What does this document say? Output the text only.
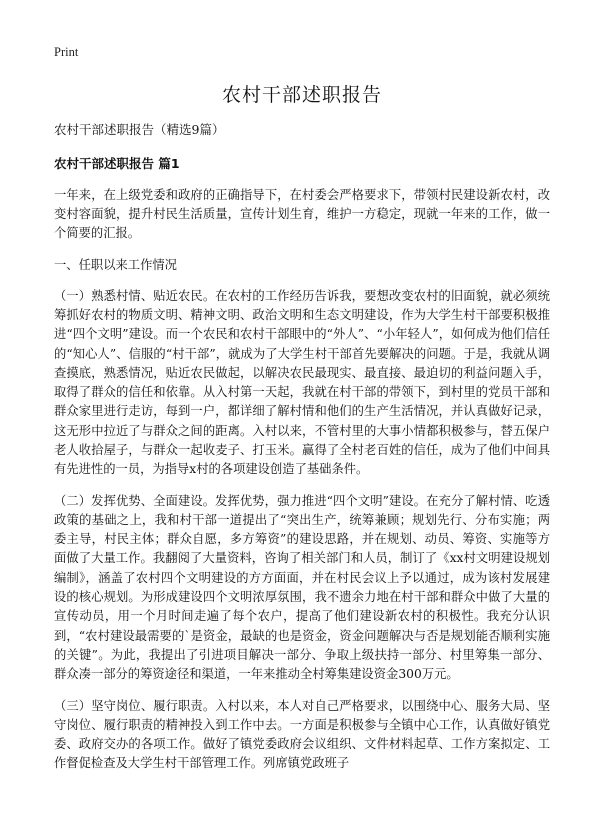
Print
农村干部述职报告
农村干部述职报告（精选9篇）
农村干部述职报告 篇1

一年来，在上级党委和政府的正确指导下，在村委会严格要求下，带领村民建设新农村，改变村容面貌，提升村民生活质量，宣传计划生育，维护一方稳定，现就一年来的工作，做一个简要的汇报。

一、任职以来工作情况

（一）熟悉村情、贴近农民。在农村的工作经历告诉我，要想改变农村的旧面貌，就必须统筹抓好农村的物质文明、精神文明、政治文明和生态文明建设，作为大学生村干部要积极推进“四个文明”建设。而一个农民和农村干部眼中的“外人”、“小年轻人”，如何成为他们信任的“知心人”、信服的“村干部”，就成为了大学生村干部首先要解决的问题。于是，我就从调查摸底，熟悉情况，贴近农民做起，以解决农民最现实、最直接、最迫切的利益问题入手，取得了群众的信任和依靠。从入村第一天起，我就在村干部的带领下，到村里的党员干部和群众家里进行走访，每到一户，都详细了解村情和他们的生产生活情况，并认真做好记录，这无形中拉近了与群众之间的距离。入村以来，不管村里的大事小情都积极参与，替五保户老人收拾屋子，与群众一起收麦子、打玉米。赢得了全村老百姓的信任，成为了他们中间具有先进性的一员，为指导x村的各项建设创造了基础条件。

（二）发挥优势、全面建设。发挥优势，强力推进“四个文明”建设。在充分了解村情、吃透政策的基础之上，我和村干部一道提出了“突出生产，统筹兼顾；规划先行、分布实施；两委主导，村民主体；群众自愿，多方筹资”的建设思路，并在规划、动员、筹资、实施等方面做了大量工作。我翻阅了大量资料，咨询了相关部门和人员，制订了《xx村文明建设规划编制》，涵盖了农村四个文明建设的方方面面，并在村民会议上予以通过，成为该村发展建设的核心规划。为形成建设四个文明浓厚氛围，我不遗余力地在村干部和群众中做了大量的宣传动员，用一个月时间走遍了每个农户，提高了他们建设新农村的积极性。我充分认识到，“农村建设最需要的`是资金，最缺的也是资金，资金问题解决与否是规划能否顺利实施的关键”。为此，我提出了引进项目解决一部分、争取上级扶持一部分、村里筹集一部分、群众凑一部分的筹资途径和渠道，一年来推动全村筹集建设资金300万元。

（三）坚守岗位、履行职责。入村以来，本人对自己严格要求，以围绕中心、服务大局、坚守岗位、履行职责的精神投入到工作中去。一方面是积极参与全镇中心工作，认真做好镇党委、政府交办的各项工作。做好了镇党委政府会议组织、文件材料起草、工作方案拟定、工作督促检查及大学生村干部管理工作。列席镇党政班子
